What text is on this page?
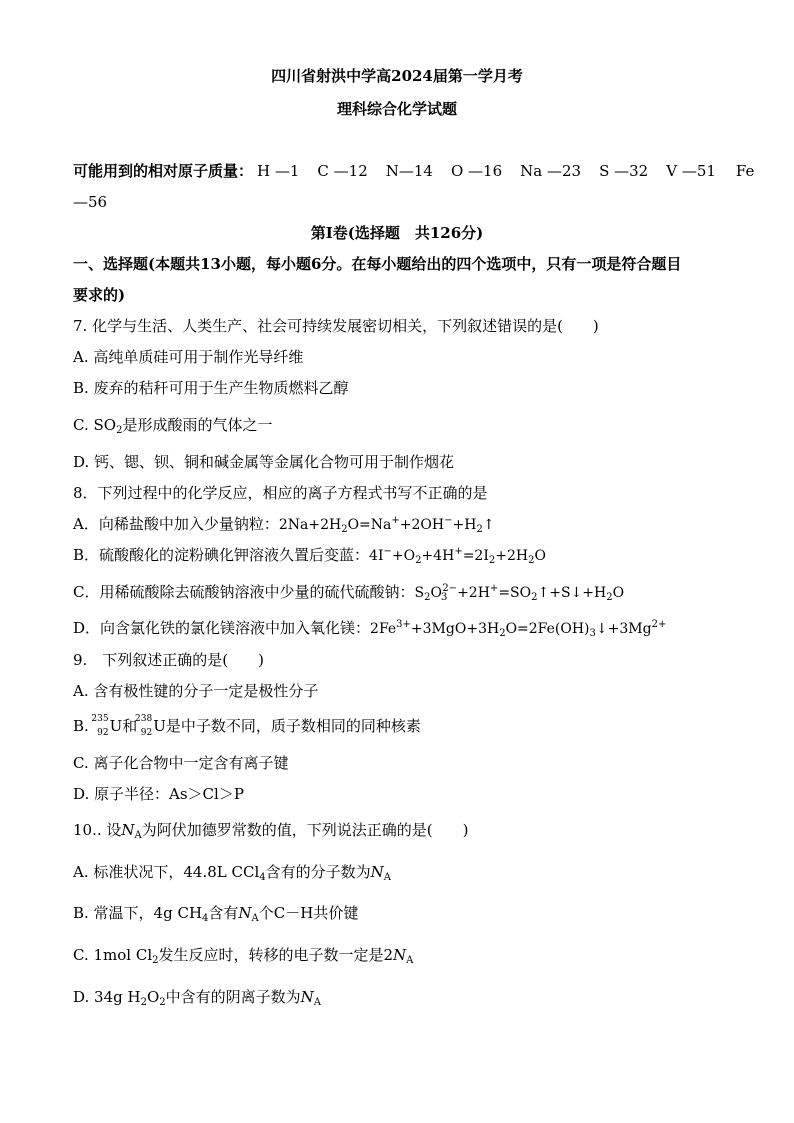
四川省射洪中学高2024届第一学月考
理科综合化学试题
可能用到的相对原子质量： H —1 C —12 N—14 O —16 Na —23 S —32 V —51 Fe
—56
第Ⅰ卷(选择题　共126分)
一、选择题(本题共13小题，每小题6分。在每小题给出的四个选项中，只有一项是符合题目
要求的)
7. 化学与生活、人类生产、社会可持续发展密切相关，下列叙述错误的是(　　)
A. 高纯单质硅可用于制作光导纤维
B. 废弃的秸秆可用于生产生物质燃料乙醇
C. $SO_2$是形成酸雨的气体之一
D. 钙、锶、钡、铜和碱金属等金属化合物可用于制作烟花
8．下列过程中的化学反应，相应的离子方程式书写不正确的是
A．向稀盐酸中加入少量钠粒：$2Na+2H_2O=Na^++2OH^-+H_2↑$
B．硫酸酸化的淀粉碘化钾溶液久置后变蓝：$4I^-+O_2+4H^+=2I_2+2H_2O$
C．用稀硫酸除去硫酸钠溶液中少量的硫代硫酸钠：$S_2O_3^{2-}+2H^+=SO_2↑+S↓+H_2O$
D．向含氯化铁的氯化镁溶液中加入氧化镁：$2Fe^{3+}+3MgO+3H_2O=2Fe(OH)_3↓+3Mg^{2+}$
9.　下列叙述正确的是(　　)
A. 含有极性键的分子一定是极性分子
B.
235
92 U和
238
92 U是中子数不同，质子数相同的同种核素
C. 离子化合物中一定含有离子键
D. 原子半径：As＞Cl＞P
10.. 设$N_A$为阿伏加德罗常数的值，下列说法正确的是(　　)
A. 标准状况下，44.8L CCl$_4$含有的分子数为$N_A$
B. 常温下，4g $CH_4$含有$N_A$个C－H共价键
C. 1mol $Cl_2$发生反应时，转移的电子数一定是$2N_A$
D. 34g $H_2O_2$中含有的阴离子数为$N_A$
